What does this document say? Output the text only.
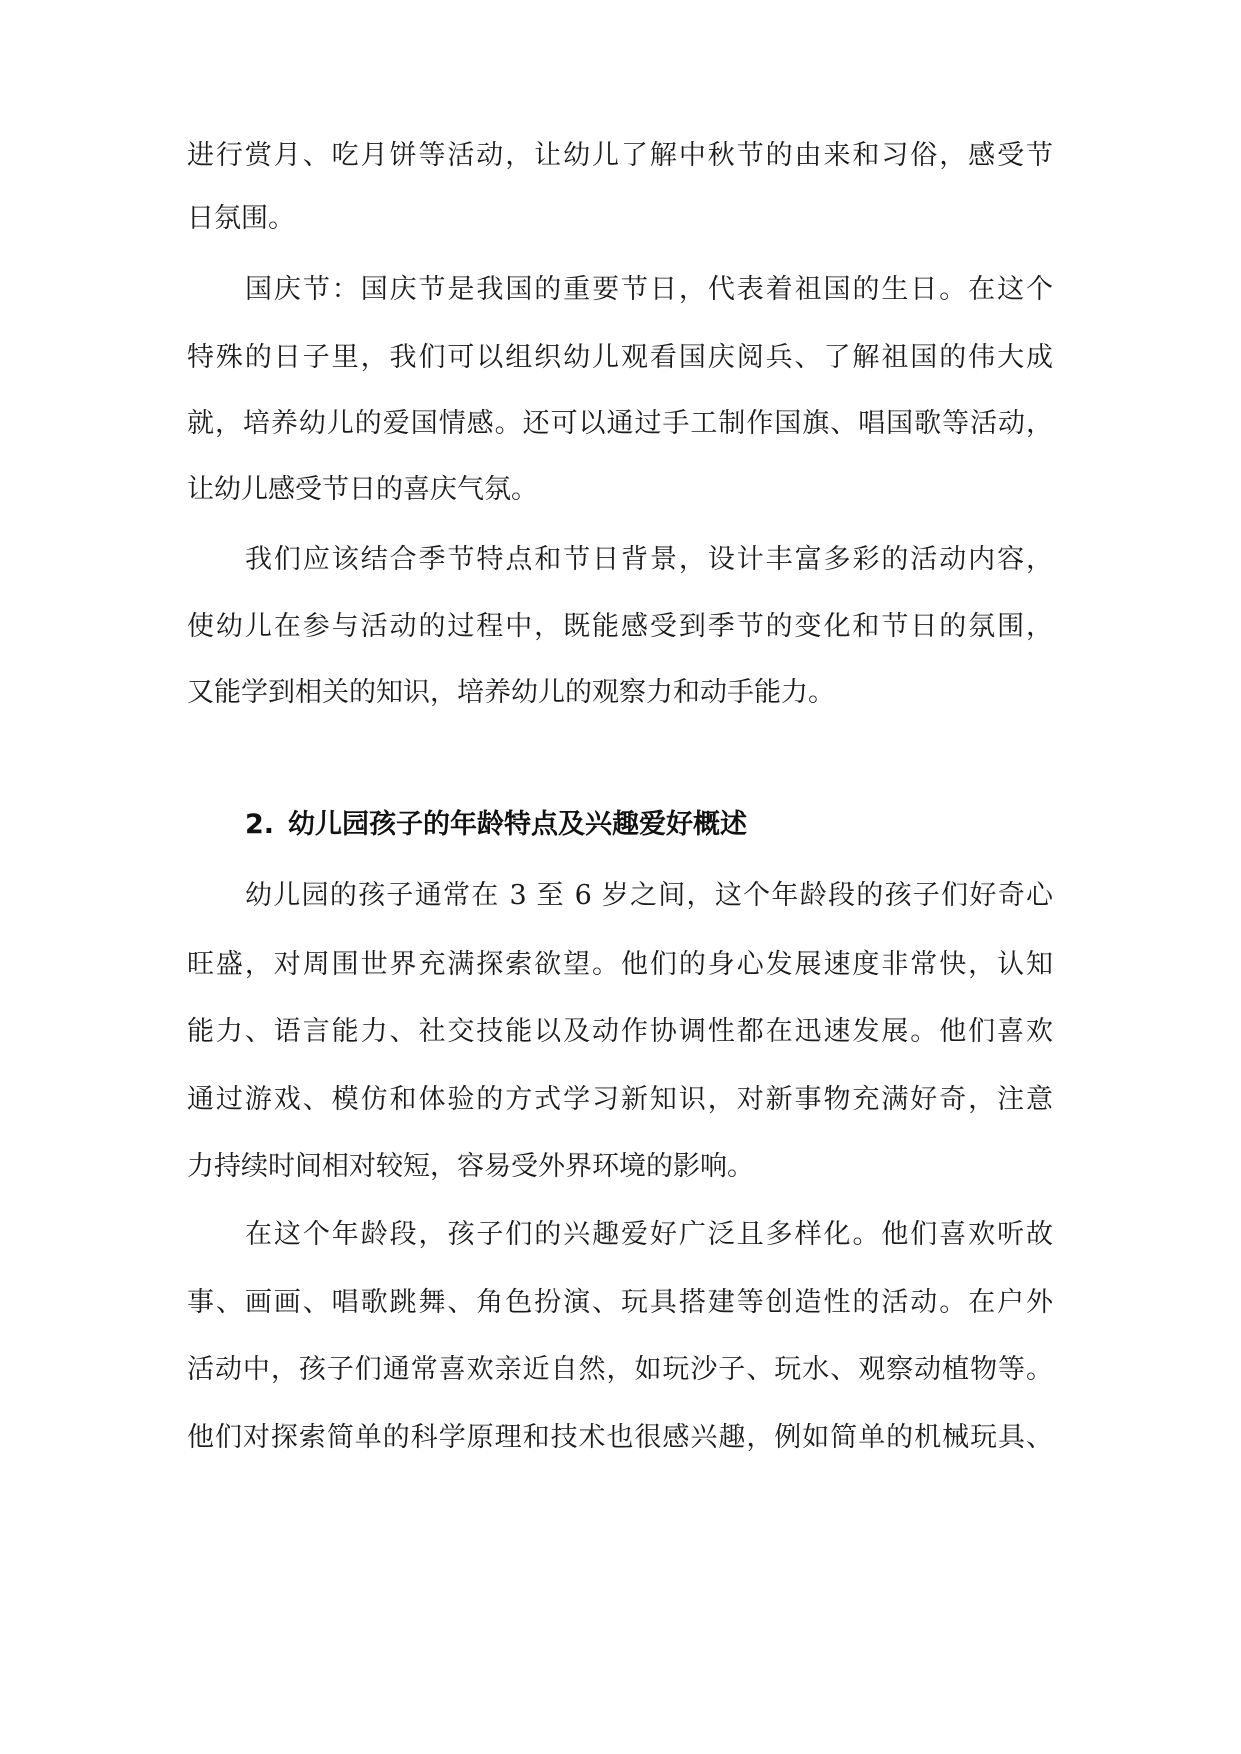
进行赏月、吃月饼等活动，让幼儿了解中秋节的由来和习俗，感受节
日氛围。
国庆节：国庆节是我国的重要节日，代表着祖国的生日。在这个
特殊的日子里，我们可以组织幼儿观看国庆阅兵、了解祖国的伟大成
就，培养幼儿的爱国情感。还可以通过手工制作国旗、唱国歌等活动，
让幼儿感受节日的喜庆气氛。
我们应该结合季节特点和节日背景，设计丰富多彩的活动内容，
使幼儿在参与活动的过程中，既能感受到季节的变化和节日的氛围，
又能学到相关的知识，培养幼儿的观察力和动手能力。
2. 幼儿园孩子的年龄特点及兴趣爱好概述
幼儿园的孩子通常在 3 至 6 岁之间，这个年龄段的孩子们好奇心
旺盛，对周围世界充满探索欲望。他们的身心发展速度非常快，认知
能力、语言能力、社交技能以及动作协调性都在迅速发展。他们喜欢
通过游戏、模仿和体验的方式学习新知识，对新事物充满好奇，注意
力持续时间相对较短，容易受外界环境的影响。
在这个年龄段，孩子们的兴趣爱好广泛且多样化。他们喜欢听故
事、画画、唱歌跳舞、角色扮演、玩具搭建等创造性的活动。在户外
活动中，孩子们通常喜欢亲近自然，如玩沙子、玩水、观察动植物等。
他们对探索简单的科学原理和技术也很感兴趣，例如简单的机械玩具、
